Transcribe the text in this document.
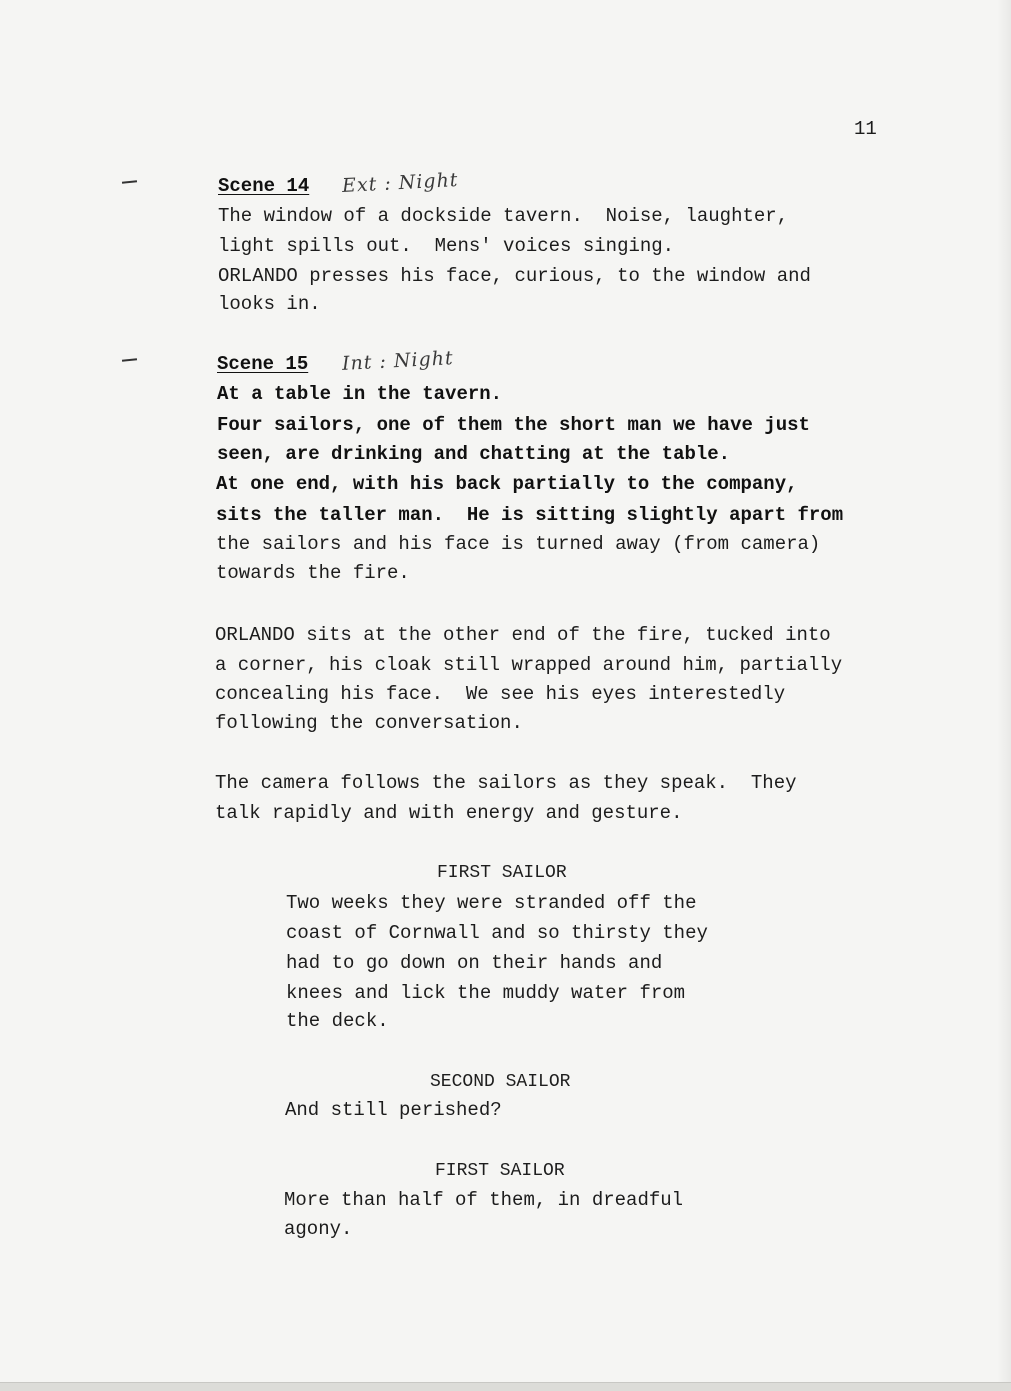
11
Scene 14 Ext : Night
The window of a dockside tavern.  Noise, laughter,
light spills out.  Mens' voices singing.
ORLANDO presses his face, curious, to the window and
looks in.
Scene 15 Int : Night
At a table in the tavern.
Four sailors, one of them the short man we have just
seen, are drinking and chatting at the table.
At one end, with his back partially to the company,
sits the taller man.  He is sitting slightly apart from
the sailors and his face is turned away (from camera)
towards the fire.
ORLANDO sits at the other end of the fire, tucked into
a corner, his cloak still wrapped around him, partially
concealing his face.  We see his eyes interestedly
following the conversation.
The camera follows the sailors as they speak.  They
talk rapidly and with energy and gesture.
FIRST SAILOR
Two weeks they were stranded off the
coast of Cornwall and so thirsty they
had to go down on their hands and
knees and lick the muddy water from
the deck.
SECOND SAILOR
And still perished?
FIRST SAILOR
More than half of them, in dreadful
agony.
